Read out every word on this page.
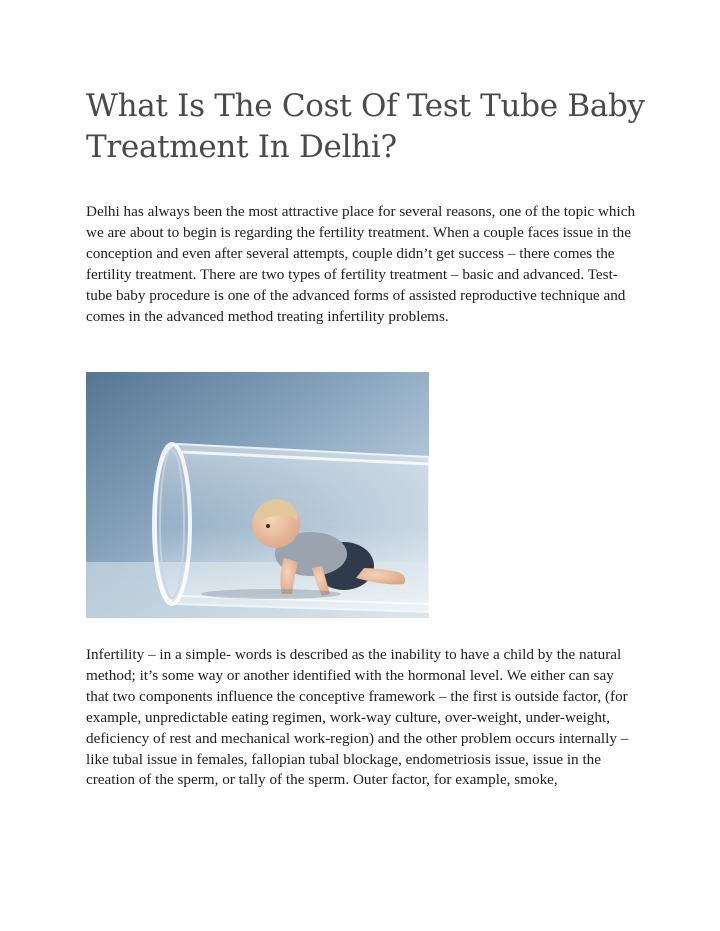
What Is The Cost Of Test Tube Baby Treatment In Delhi?

Delhi has always been the most attractive place for several reasons, one of the topic which we are about to begin is regarding the fertility treatment. When a couple faces issue in the conception and even after several attempts, couple didn’t get success – there comes the fertility treatment. There are two types of fertility treatment – basic and advanced. Test-tube baby procedure is one of the advanced forms of assisted reproductive technique and comes in the advanced method treating infertility problems.

Infertility – in a simple- words is described as the inability to have a child by the natural method; it’s some way or another identified with the hormonal level. We either can say that two components influence the conceptive framework – the first is outside factor, (for example, unpredictable eating regimen, work-way culture, over-weight, under-weight, deficiency of rest and mechanical work-region) and the other problem occurs internally – like tubal issue in females, fallopian tubal blockage, endometriosis issue, issue in the creation of the sperm, or tally of the sperm. Outer factor, for example, smoke,
